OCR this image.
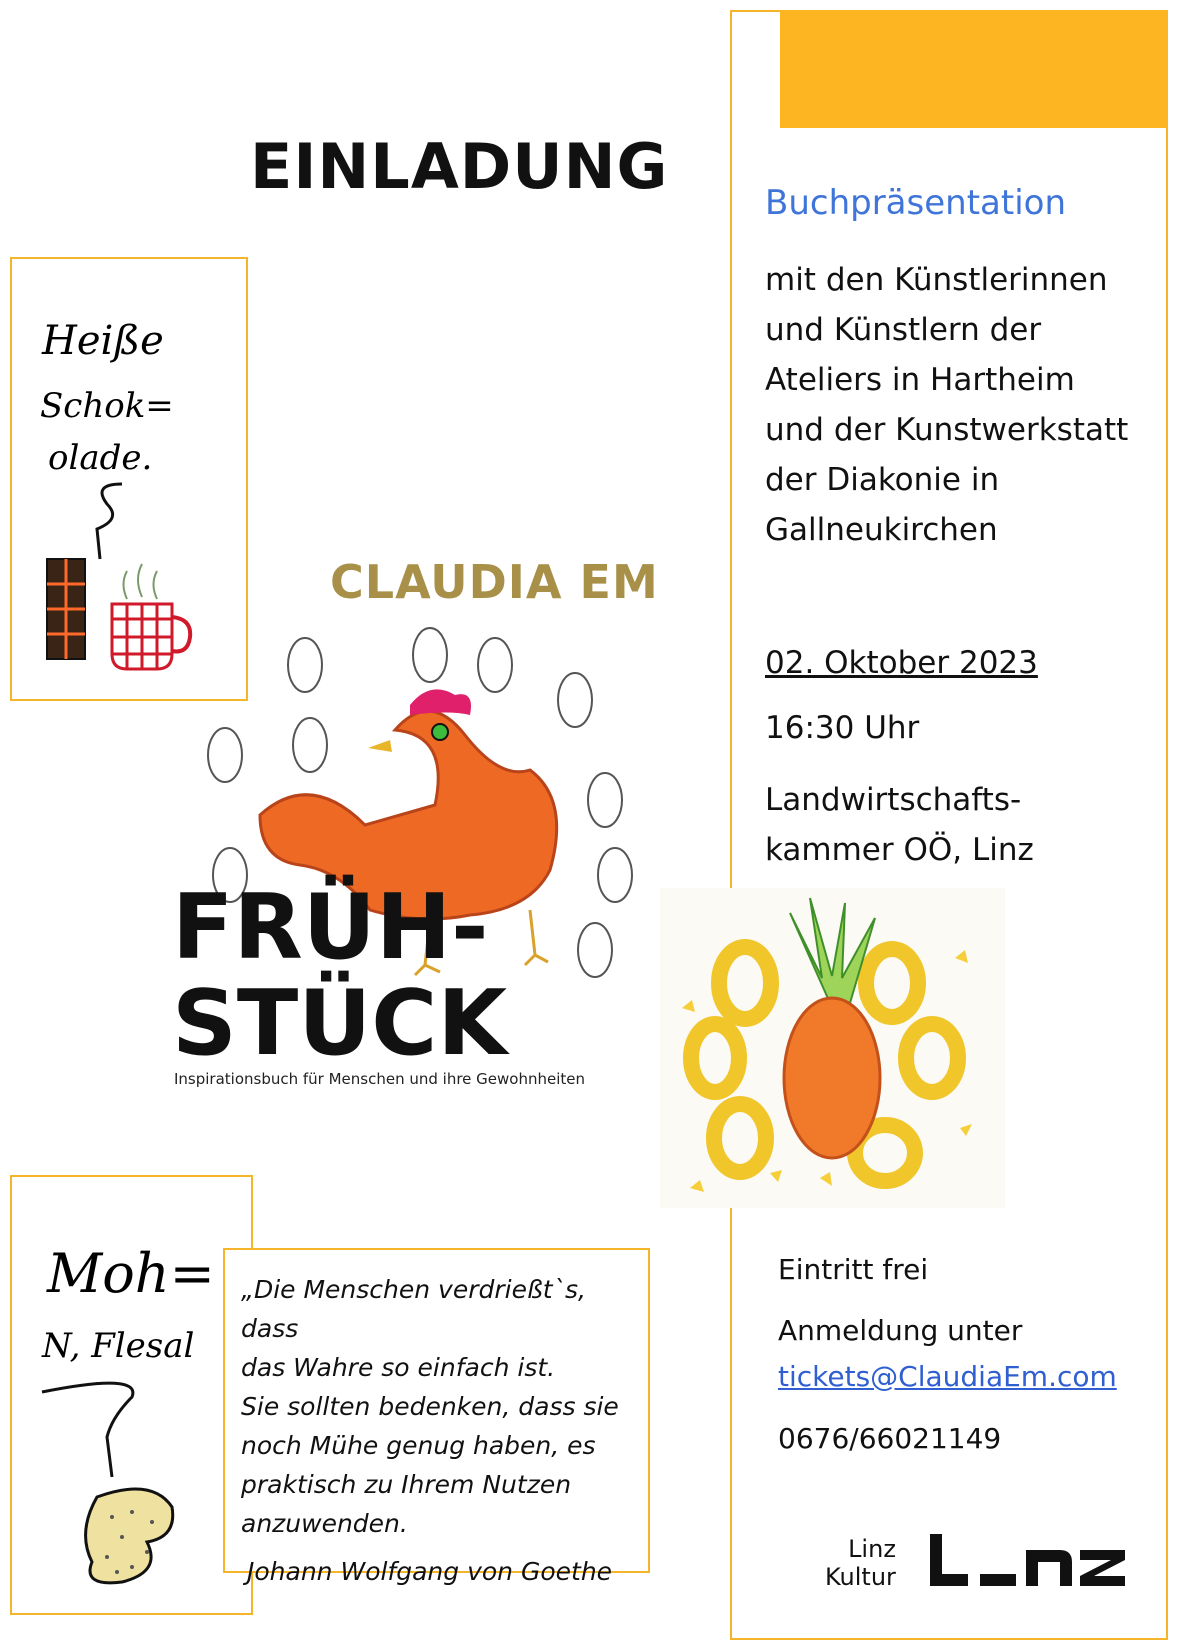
EINLADUNG	Buchpräsentation
mit den Künstlerinnen
und Künstlern der
Ateliers in Hartheim
und der Kunstwerkstatt
der Diakonie in
Gallneukirchen
02. Oktober 2023
16:30 Uhr
Landwirtschafts-
kammer OÖ, Linz
Eintritt frei
Anmeldung unter
tickets@ClaudiaEm.com
0676/66021149
Linz
Kultur
Heiße
Schok=
olade.
Moh=
N, Flesal
„Die Menschen verdrießt`s, dass
das Wahre so einfach ist.
Sie sollten bedenken, dass sie
noch Mühe genug haben, es
praktisch zu Ihrem Nutzen
anzuwenden.
Johann Wolfgang von Goethe
CLAUDIA EM
FRÜH-
STÜCK
Inspirationsbuch für Menschen und ihre Gewohnheiten
